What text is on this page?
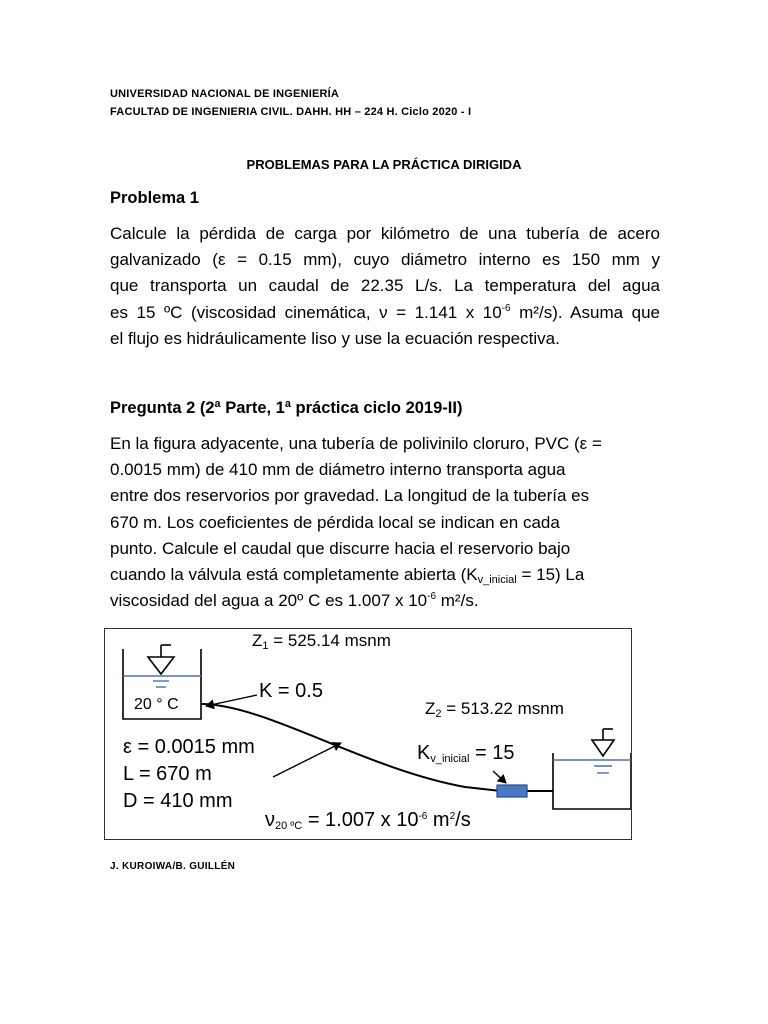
UNIVERSIDAD NACIONAL DE INGENIERÍA
FACULTAD DE INGENIERIA CIVIL. DAHH. HH – 224 H. Ciclo 2020 - I
PROBLEMAS PARA LA PRÁCTICA DIRIGIDA
Problema 1
Calcule la pérdida de carga por kilómetro de una tubería de acero
galvanizado (ε = 0.15 mm), cuyo diámetro interno es 150 mm y
que transporta un caudal de 22.35 L/s. La temperatura del agua
es 15 ºC (viscosidad cinemática, ν = 1.141 x $10^{-6}$ m²/s). Asuma que
el flujo es hidráulicamente liso y use la ecuación respectiva.
Pregunta 2 (2ª Parte, 1ª práctica ciclo 2019-II)
En la figura adyacente, una tubería de polivinilo cloruro, PVC (ε =
0.0015 mm) de 410 mm de diámetro interno transporta agua
entre dos reservorios por gravedad. La longitud de la tubería es
670 m. Los coeficientes de pérdida local se indican en cada
punto. Calcule el caudal que discurre hacia el reservorio bajo
cuando la válvula está completamente abierta $(K_{v\_inicial} = 15)$ La
viscosidad del agua a 20º C es 1.007 x $10^{-6}$ m²/s.
$Z_1 = 525.14$ msnm
K = 0.5
20 ° C	$Z_2 = 513.22$ msnm
ε = 0.0015 mm
L = 670 m
D = 410 mm
$K_{v\_inicial} = 15$
$\nu_{20 ºC} = 1.007$ x $10^{-6}$ $m^2/s$
J. KUROIWA/B. GUILLÉN
